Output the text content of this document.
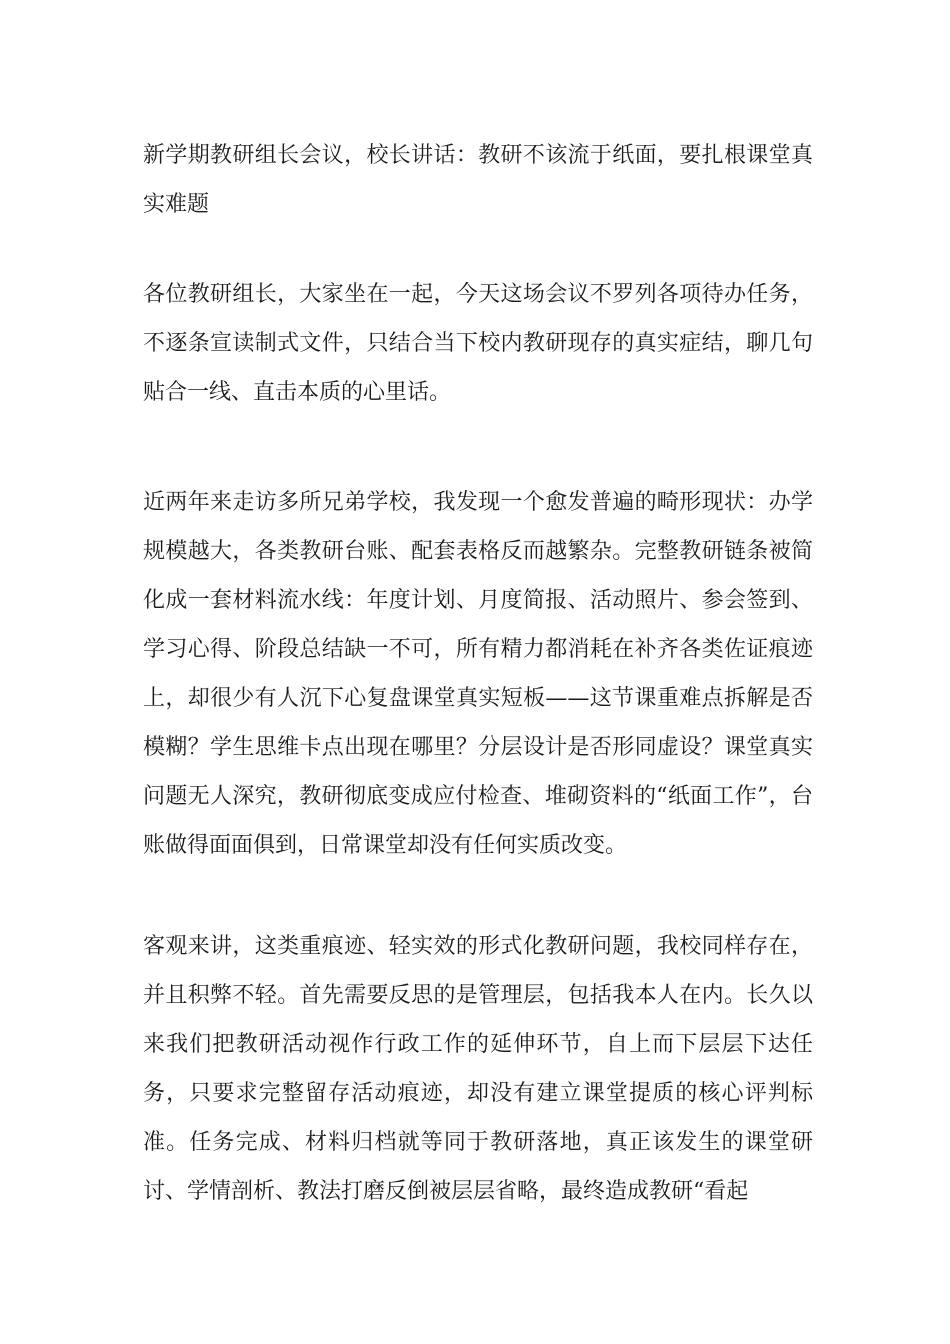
新学期教研组长会议，校长讲话：教研不该流于纸面，要扎根课堂真实难题

各位教研组长，大家坐在一起，今天这场会议不罗列各项待办任务，不逐条宣读制式文件，只结合当下校内教研现存的真实症结，聊几句贴合一线、直击本质的心里话。

近两年来走访多所兄弟学校，我发现一个愈发普遍的畸形现状：办学规模越大，各类教研台账、配套表格反而越繁杂。完整教研链条被简化成一套材料流水线：年度计划、月度简报、活动照片、参会签到、学习心得、阶段总结缺一不可，所有精力都消耗在补齐各类佐证痕迹上，却很少有人沉下心复盘课堂真实短板——这节课重难点拆解是否模糊？学生思维卡点出现在哪里？分层设计是否形同虚设？课堂真实问题无人深究，教研彻底变成应付检查、堆砌资料的“纸面工作”，台账做得面面俱到，日常课堂却没有任何实质改变。

客观来讲，这类重痕迹、轻实效的形式化教研问题，我校同样存在，并且积弊不轻。首先需要反思的是管理层，包括我本人在内。长久以来我们把教研活动视作行政工作的延伸环节，自上而下层层下达任务，只要求完整留存活动痕迹，却没有建立课堂提质的核心评判标准。任务完成、材料归档就等同于教研落地，真正该发生的课堂研讨、学情剖析、教法打磨反倒被层层省略，最终造成教研“看起
